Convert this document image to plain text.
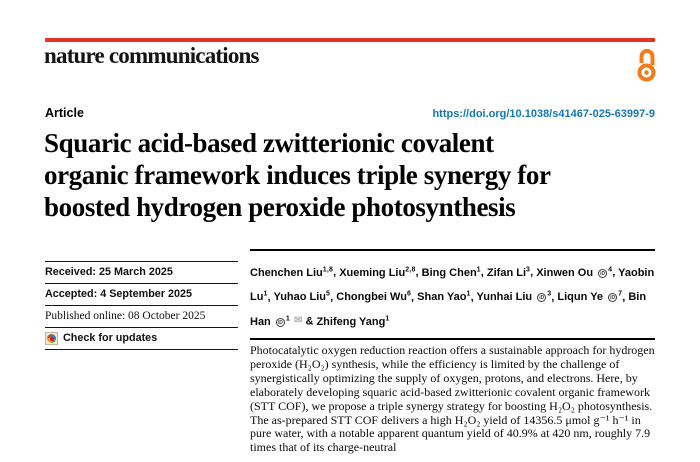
nature communications
Article	https://doi.org/10.1038/s41467-025-63997-9
Squaric acid-based zwitterionic covalent
organic framework induces triple synergy for
boosted hydrogen peroxide photosynthesis
Received: 25 March 2025
Accepted: 4 September 2025
Published online: 08 October 2025
Check for updates
Chenchen Liu$^{1,8}$, Xueming Liu$^{2,8}$, Bing Chen$^1$, Zifan Li$^3$, Xinwen Ou $iD^4$, Yaobin Lu$^1$, Yuhao Liu$^5$, Chongbei Wu$^6$, Shan Yao$^1$, Yunhai Liu $iD^3$, Liqun Ye $iD^7$, Bin Han $iD^1$ ✉ & Zhifeng Yang$^1$
Photocatalytic oxygen reduction reaction offers a sustainable approach for hydrogen peroxide (H₂O₂) synthesis, while the efficiency is limited by the challenge of synergistically optimizing the supply of oxygen, protons, and electrons. Here, by elaborately developing squaric acid-based zwitterionic covalent organic framework (STT COF), we propose a triple synergy strategy for boosting H₂O₂ photosynthesis. The as-prepared STT COF delivers a high H₂O₂ yield of 14356.5 μmol g⁻¹ h⁻¹ in pure water, with a notable apparent quantum yield of 40.9% at 420 nm, roughly 7.9 times that of its charge-neutral
